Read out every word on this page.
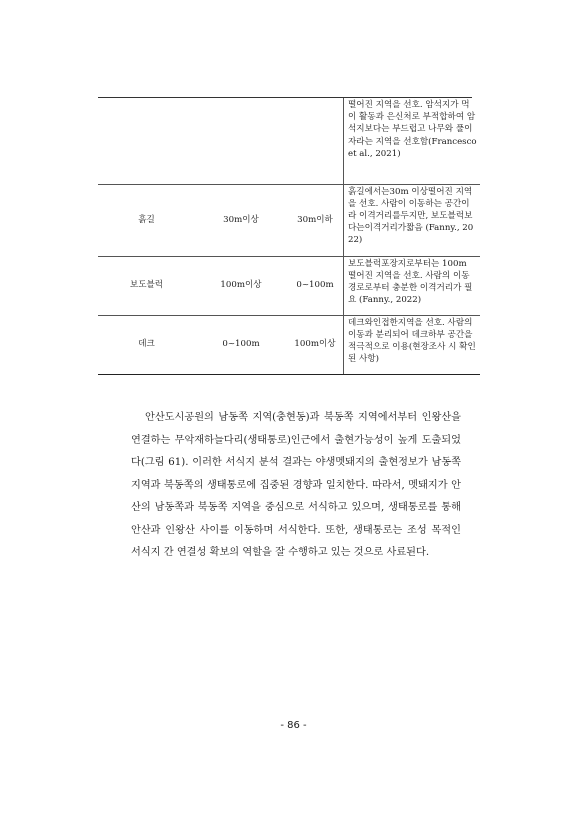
			떨어진 지역을 선호. 암석지가 먹이 활동과 은신처로 부적합하여 암석지보다는 부드럽고 나무와 풀이 자라는 지역을 선호함(Francesco et al., 2021)
흙길	30m이상	30m이하	흙길에서는30m 이상떨어진 지역을 선호. 사람이 이동하는 공간이라 이격거리를두지만, 보도블럭보다는이격거리가짧음 (Fanny., 2022)
보도블럭	100m이상	0~100m	보도블럭포장지로부터는 100m 떨어진 지역을 선호. 사람의 이동 경로로부터 충분한 이격거리가 필요 (Fanny., 2022)
데크	0~100m	100m이상	데크와인접한지역을 선호. 사람의 이동과 분리되어 데크하부 공간을 적극적으로 이용(현장조사 시 확인된 사항)

안산도시공원의 남동쪽 지역(충현동)과 북동쪽 지역에서부터 인왕산을 연결하는 무악재하늘다리(생태통로)인근에서 출현가능성이 높게 도출되었다(그림 61). 이러한 서식지 분석 결과는 야생멧돼지의 출현정보가 남동쪽 지역과 북동쪽의 생태통로에 집중된 경향과 일치한다. 따라서, 멧돼지가 안산의 남동쪽과 북동쪽 지역을 중심으로 서식하고 있으며, 생태통로를 통해 안산과 인왕산 사이를 이동하며 서식한다. 또한, 생태통로는 조성 목적인 서식지 간 연결성 확보의 역할을 잘 수행하고 있는 것으로 사료된다.

- 86 -
